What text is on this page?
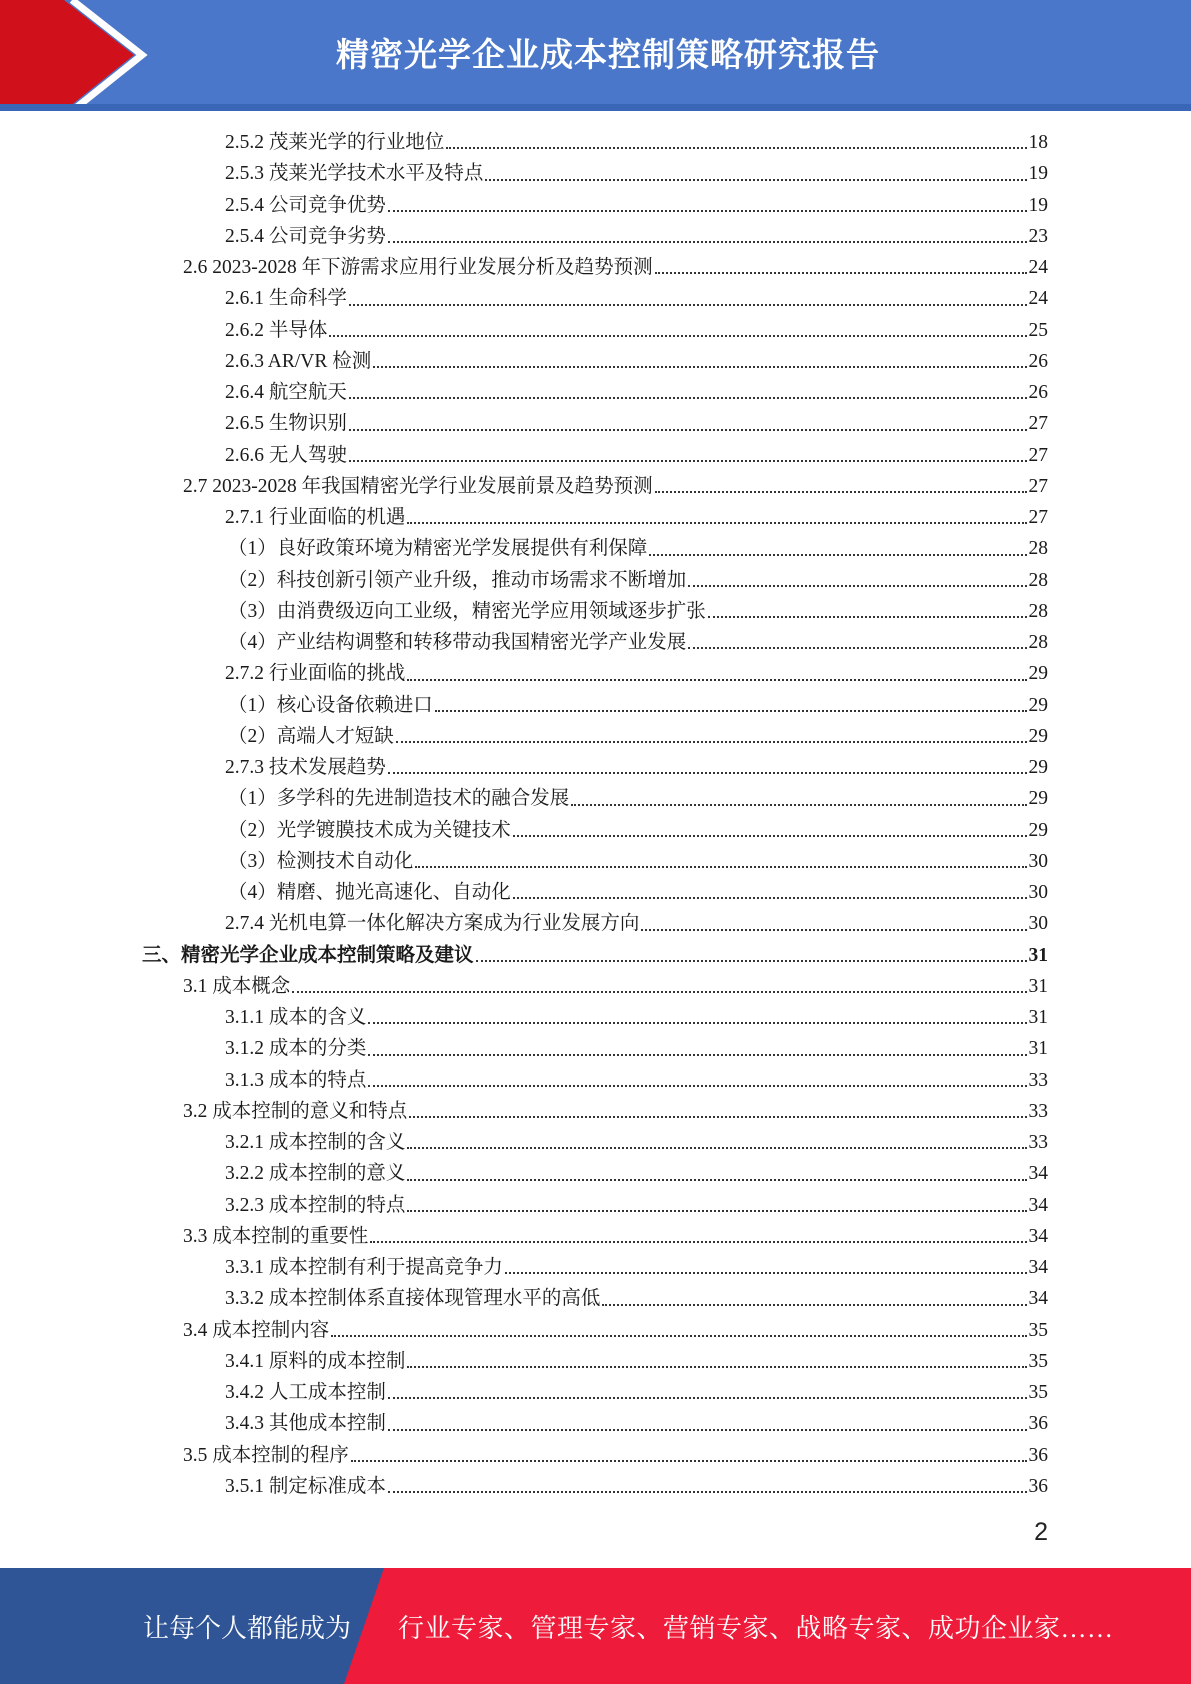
精密光学企业成本控制策略研究报告
2.5.2 茂莱光学的行业地位	18
2.5.3 茂莱光学技术水平及特点	19
2.5.4 公司竞争优势	19
2.5.4 公司竞争劣势	23
2.6 2023-2028 年下游需求应用行业发展分析及趋势预测	24
2.6.1 生命科学	24
2.6.2 半导体	25
2.6.3 AR/VR 检测	26
2.6.4 航空航天	26
2.6.5 生物识别	27
2.6.6 无人驾驶	27
2.7 2023-2028 年我国精密光学行业发展前景及趋势预测	27
2.7.1 行业面临的机遇	27
（1）良好政策环境为精密光学发展提供有利保障	28
（2）科技创新引领产业升级，推动市场需求不断增加	28
（3）由消费级迈向工业级，精密光学应用领域逐步扩张	28
（4）产业结构调整和转移带动我国精密光学产业发展	28
2.7.2 行业面临的挑战	29
（1）核心设备依赖进口	29
（2）高端人才短缺	29
2.7.3 技术发展趋势	29
（1）多学科的先进制造技术的融合发展	29
（2）光学镀膜技术成为关键技术	29
（3）检测技术自动化	30
（4）精磨、抛光高速化、自动化	30
2.7.4 光机电算一体化解决方案成为行业发展方向	30
三、精密光学企业成本控制策略及建议	31
3.1 成本概念	31
3.1.1 成本的含义	31
3.1.2 成本的分类	31
3.1.3 成本的特点	33
3.2 成本控制的意义和特点	33
3.2.1 成本控制的含义	33
3.2.2 成本控制的意义	34
3.2.3 成本控制的特点	34
3.3 成本控制的重要性	34
3.3.1 成本控制有利于提高竞争力	34
3.3.2 成本控制体系直接体现管理水平的高低	34
3.4 成本控制内容	35
3.4.1 原料的成本控制	35
3.4.2 人工成本控制	35
3.4.3 其他成本控制	36
3.5 成本控制的程序	36
3.5.1 制定标准成本	36
2
让每个人都能成为 行业专家、管理专家、营销专家、战略专家、成功企业家……
